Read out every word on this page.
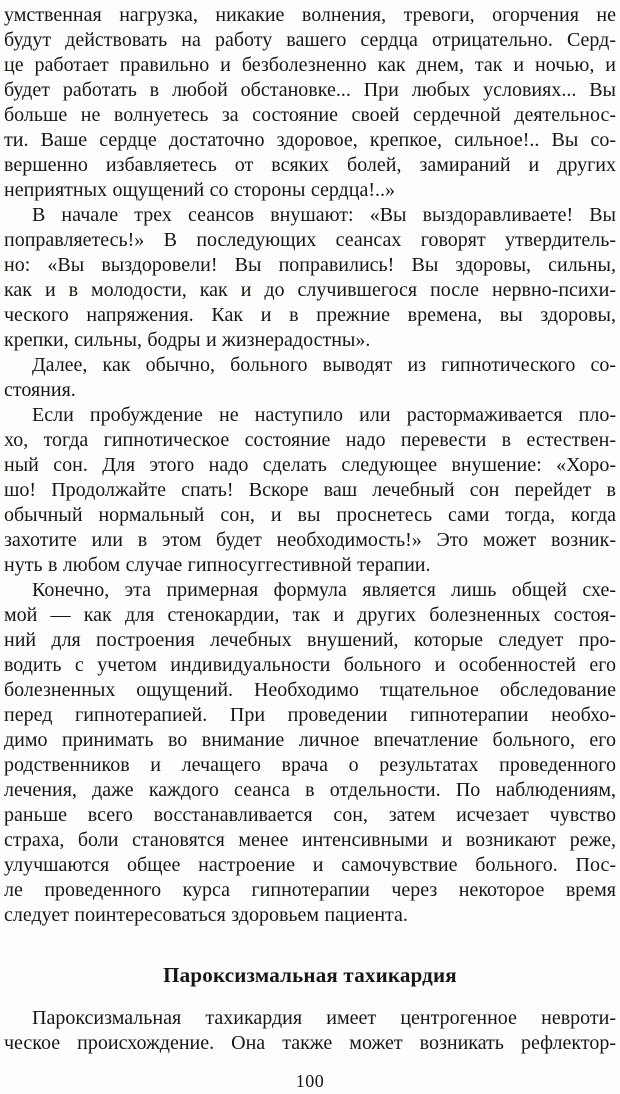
умственная нагрузка, никакие волнения, тревоги, огорчения не
будут действовать на работу вашего сердца отрицательно. Серд-
це работает правильно и безболезненно как днем, так и ночью, и
будет работать в любой обстановке... При любых условиях... Вы
больше не волнуетесь за состояние своей сердечной деятельнос-
ти. Ваше сердце достаточно здоровое, крепкое, сильное!.. Вы со-
вершенно избавляетесь от всяких болей, замираний и других
неприятных ощущений со стороны сердца!..»
В начале трех сеансов внушают: «Вы выздоравливаете! Вы
поправляетесь!» В последующих сеансах говорят утвердитель-
но: «Вы выздоровели! Вы поправились! Вы здоровы, сильны,
как и в молодости, как и до случившегося после нервно-психи-
ческого напряжения. Как и в прежние времена, вы здоровы,
крепки, сильны, бодры и жизнерадостны».
Далее, как обычно, больного выводят из гипнотического со-
стояния.
Если пробуждение не наступило или растормаживается пло-
хо, тогда гипнотическое состояние надо перевести в естествен-
ный сон. Для этого надо сделать следующее внушение: «Хоро-
шо! Продолжайте спать! Вскоре ваш лечебный сон перейдет в
обычный нормальный сон, и вы проснетесь сами тогда, когда
захотите или в этом будет необходимость!» Это может возник-
нуть в любом случае гипносуггестивной терапии.
Конечно, эта примерная формула является лишь общей схе-
мой — как для стенокардии, так и других болезненных состоя-
ний для построения лечебных внушений, которые следует про-
водить с учетом индивидуальности больного и особенностей его
болезненных ощущений. Необходимо тщательное обследование
перед гипнотерапией. При проведении гипнотерапии необхо-
димо принимать во внимание личное впечатление больного, его
родственников и лечащего врача о результатах проведенного
лечения, даже каждого сеанса в отдельности. По наблюдениям,
раньше всего восстанавливается сон, затем исчезает чувство
страха, боли становятся менее интенсивными и возникают реже,
улучшаются общее настроение и самочувствие больного. Пос-
ле проведенного курса гипнотерапии через некоторое время
следует поинтересоваться здоровьем пациента.
Пароксизмальная тахикардия
Пароксизмальная тахикардия имеет центрогенное невроти-
ческое происхождение. Она также может возникать рефлектор-
100
